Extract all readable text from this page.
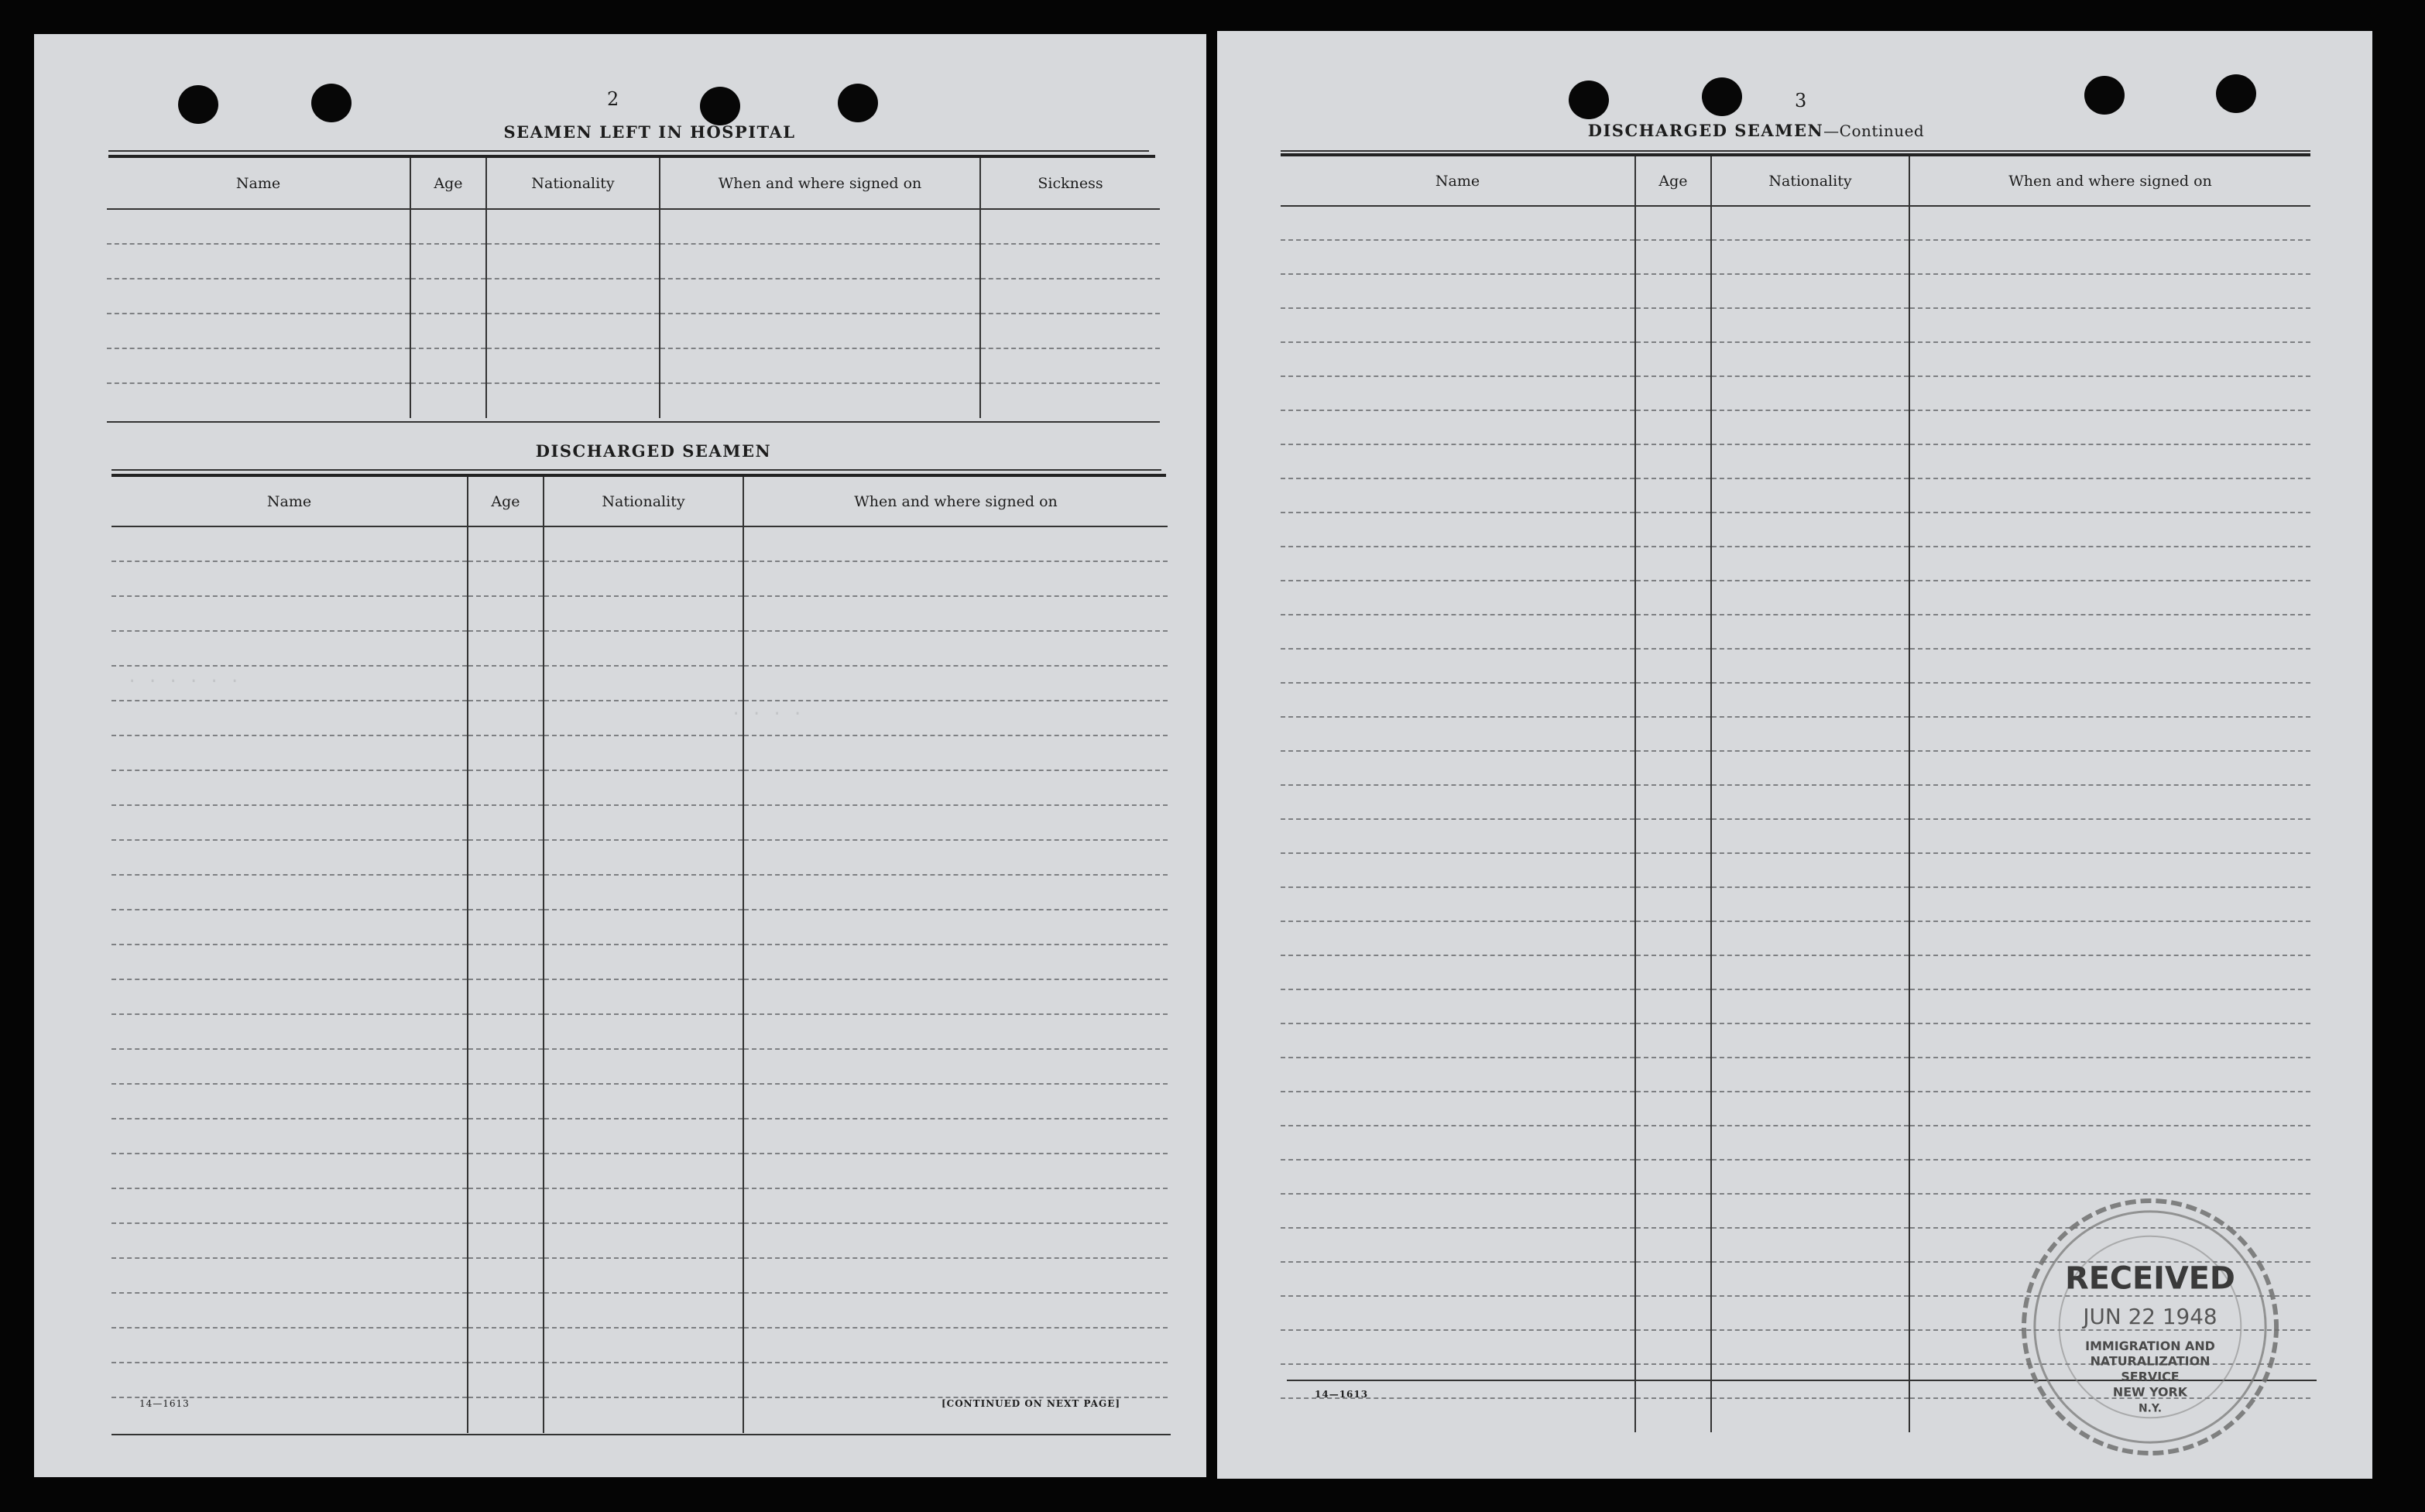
2
SEAMEN LEFT IN HOSPITAL
Name	Age	Nationality	When and where signed on	Sickness

DISCHARGED SEAMEN
Name	Age	Nationality	When and where signed on

. . . . . .
. . . .
14—1613	[CONTINUED ON NEXT PAGE]
3
DISCHARGED SEAMEN—Continued
Name	Age	Nationality	When and where signed on

14—1613
RECEIVED
JUN 22 1948
IMMIGRATION AND
NATURALIZATION
SERVICE
NEW YORK
N.Y.
